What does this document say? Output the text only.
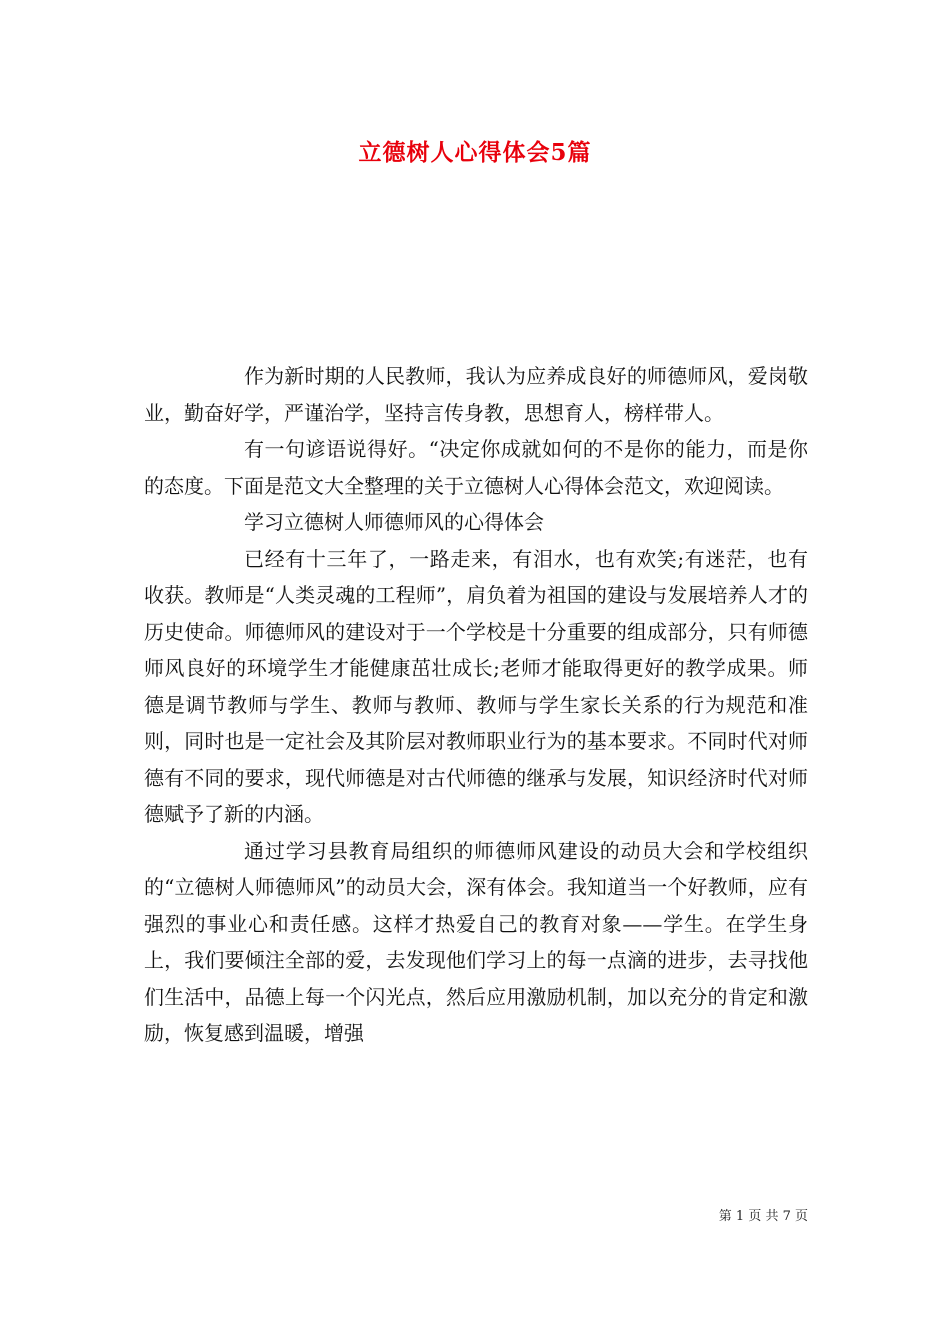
立德树人心得体会5篇

作为新时期的人民教师，我认为应养成良好的师德师风，爱岗敬业，勤奋好学，严谨治学，坚持言传身教，思想育人，榜样带人。

有一句谚语说得好。“决定你成就如何的不是你的能力，而是你的态度。下面是范文大全整理的关于立德树人心得体会范文，欢迎阅读。

学习立德树人师德师风的心得体会

已经有十三年了，一路走来，有泪水，也有欢笑;有迷茫，也有收获。教师是“人类灵魂的工程师”，肩负着为祖国的建设与发展培养人才的历史使命。师德师风的建设对于一个学校是十分重要的组成部分，只有师德师风良好的环境学生才能健康茁壮成长;老师才能取得更好的教学成果。师德是调节教师与学生、教师与教师、教师与学生家长关系的行为规范和准则，同时也是一定社会及其阶层对教师职业行为的基本要求。不同时代对师德有不同的要求，现代师德是对古代师德的继承与发展，知识经济时代对师德赋予了新的内涵。

通过学习县教育局组织的师德师风建设的动员大会和学校组织的“立德树人师德师风”的动员大会，深有体会。我知道当一个好教师，应有强烈的事业心和责任感。这样才热爱自己的教育对象——学生。在学生身上，我们要倾注全部的爱，去发现他们学习上的每一点滴的进步，去寻找他们生活中，品德上每一个闪光点，然后应用激励机制，加以充分的肯定和激励，恢复感到温暖，增强

第 1 页 共 7 页
